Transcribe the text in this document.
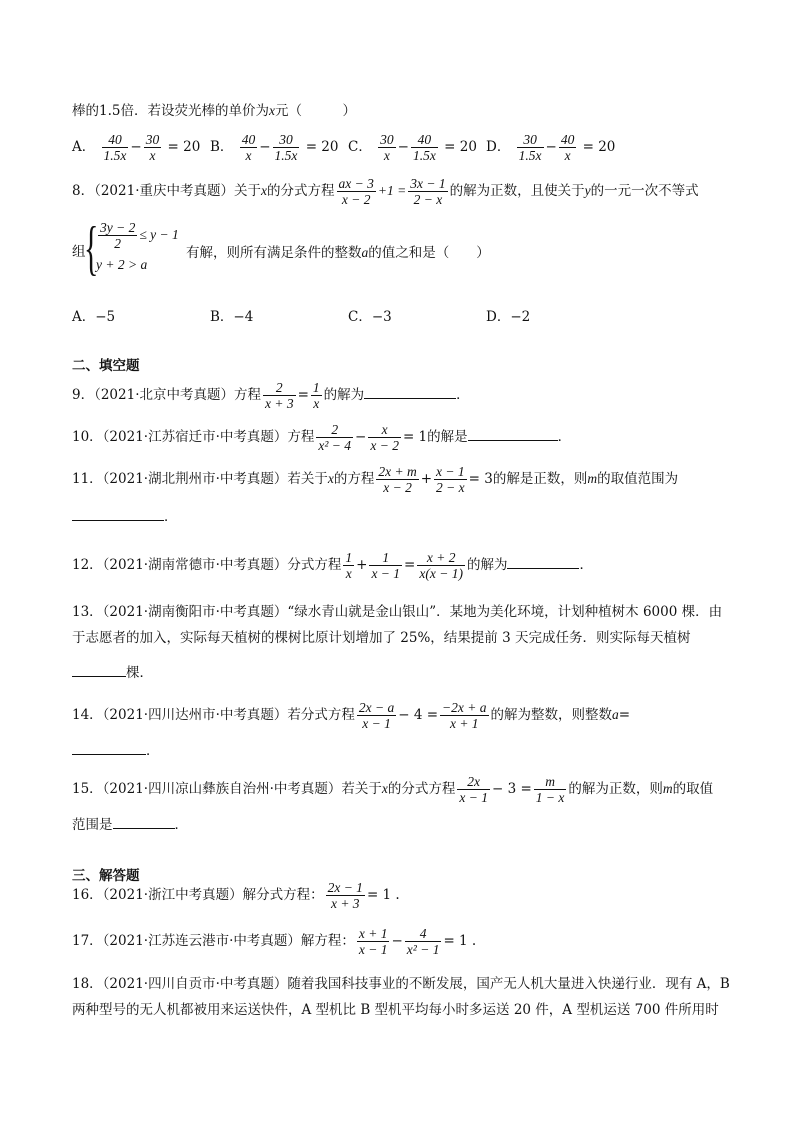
棒的1.5倍．若设荧光棒的单价为x元（　　　）
A． $\frac{40}{1.5x} - \frac{30}{x} = 20$ B． $\frac{40}{x} - \frac{30}{1.5x} = 20$ C． $\frac{30}{x} - \frac{40}{1.5x} = 20$ D． $\frac{30}{1.5x} - \frac{40}{x} = 20$
8．（2021·重庆中考真题）关于x的分式方程 $\frac{ax - 3}{x - 2} +1 = \frac{3x - 1}{2 - x}$ 的解为正数，且使关于y的一元一次不等式
组
{ $\frac{3y - 2}{2} \le y - 1$
y + 2 > a
有解，则所有满足条件的整数a的值之和是（　　）
A．−5	B．−4	C．−3	D．−2
二、填空题
9．（2021·北京中考真题）方程 $\frac{2}{x + 3} = \frac{1}{x}$ 的解为	．
10．（2021·江苏宿迁市·中考真题）方程 $\frac{2}{\text{x² − 4}} - \frac{x}{x - 2} = 1$的解是	．
11．（2021·湖北荆州市·中考真题）若关于x的方程 $\frac{2x + m}{x - 2} + \frac{x - 1}{2 - x} = 3$的解是正数，则m的取值范围为
．
12．（2021·湖南常德市·中考真题）分式方程 $\frac{1}{x} + \frac{1}{x - 1} = \frac{x + 2}{x(x - 1)}$ 的解为	．
13．（2021·湖南衡阳市·中考真题）“绿水青山就是金山银山”．某地为美化环境，计划种植树木 6000 棵．由
于志愿者的加入，实际每天植树的棵树比原计划增加了 25%，结果提前 3 天完成任务．则实际每天植树
棵．
14．（2021·四川达州市·中考真题）若分式方程 $\frac{2x - a}{x - 1} - 4 = \frac{-2x + a}{x + 1}$ 的解为整数，则整数a=
．
15．（2021·四川凉山彝族自治州·中考真题）若关于x的分式方程 $\frac{2x}{x - 1} - 3 = \frac{m}{1 - x}$ 的解为正数，则m的取值
范围是	．
三、解答题
16．（2021·浙江中考真题）解分式方程： $\frac{2x - 1}{x + 3} = 1$ .
17．（2021·江苏连云港市·中考真题）解方程： $\frac{x + 1}{x - 1} - \frac{4}{\text{x² − 1}} = 1$ .
18．（2021·四川自贡市·中考真题）随着我国科技事业的不断发展，国产无人机大量进入快递行业．现有 A，B
两种型号的无人机都被用来运送快件，A 型机比 B 型机平均每小时多运送 20 件，A 型机运送 700 件所用时
